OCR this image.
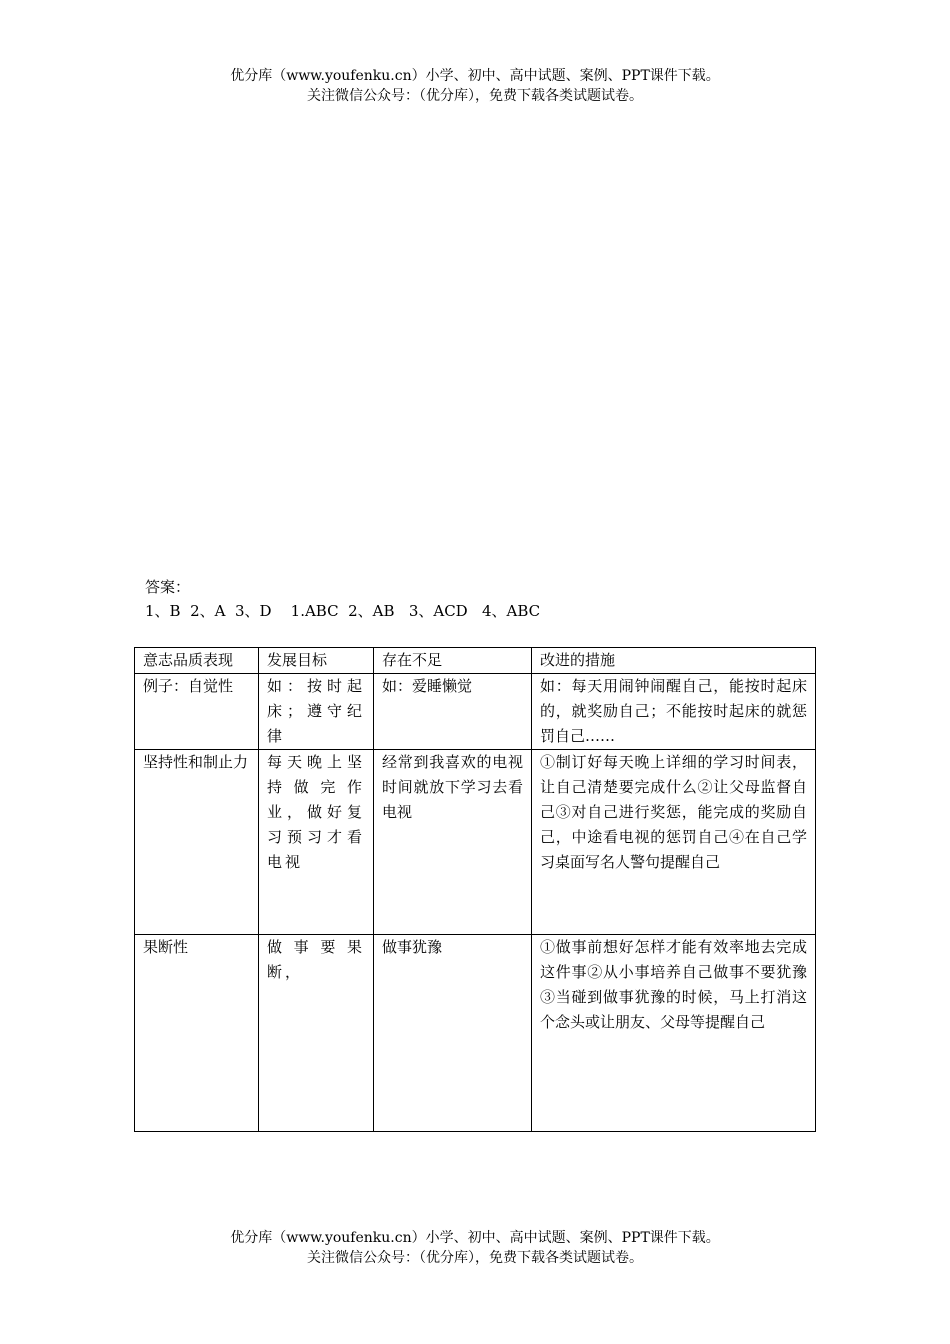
优分库（www.youfenku.cn）小学、初中、高中试题、案例、PPT课件下载。
关注微信公众号：（优分库），免费下载各类试题试卷。
答案：
1、B  2、A  3、D    1.ABC  2、AB   3、ACD   4、ABC
意志品质表现	发展目标	存在不足	改进的措施
例子：自觉性	如：按时起床；遵守纪律	如：爱睡懒觉	如：每天用闹钟闹醒自己，能按时起床的，就奖励自己；不能按时起床的就惩罚自己……
坚持性和制止力	每天晚上坚持做完作业，做好复习预习才看电视	经常到我喜欢的电视时间就放下学习去看电视	①制订好每天晚上详细的学习时间表，让自己清楚要完成什么②让父母监督自己③对自己进行奖惩，能完成的奖励自己，中途看电视的惩罚自己④在自己学习桌面写名人警句提醒自己
果断性	做事要果断，	做事犹豫	①做事前想好怎样才能有效率地去完成这件事②从小事培养自己做事不要犹豫③当碰到做事犹豫的时候，马上打消这个念头或让朋友、父母等提醒自己
优分库（www.youfenku.cn）小学、初中、高中试题、案例、PPT课件下载。
关注微信公众号：（优分库），免费下载各类试题试卷。
